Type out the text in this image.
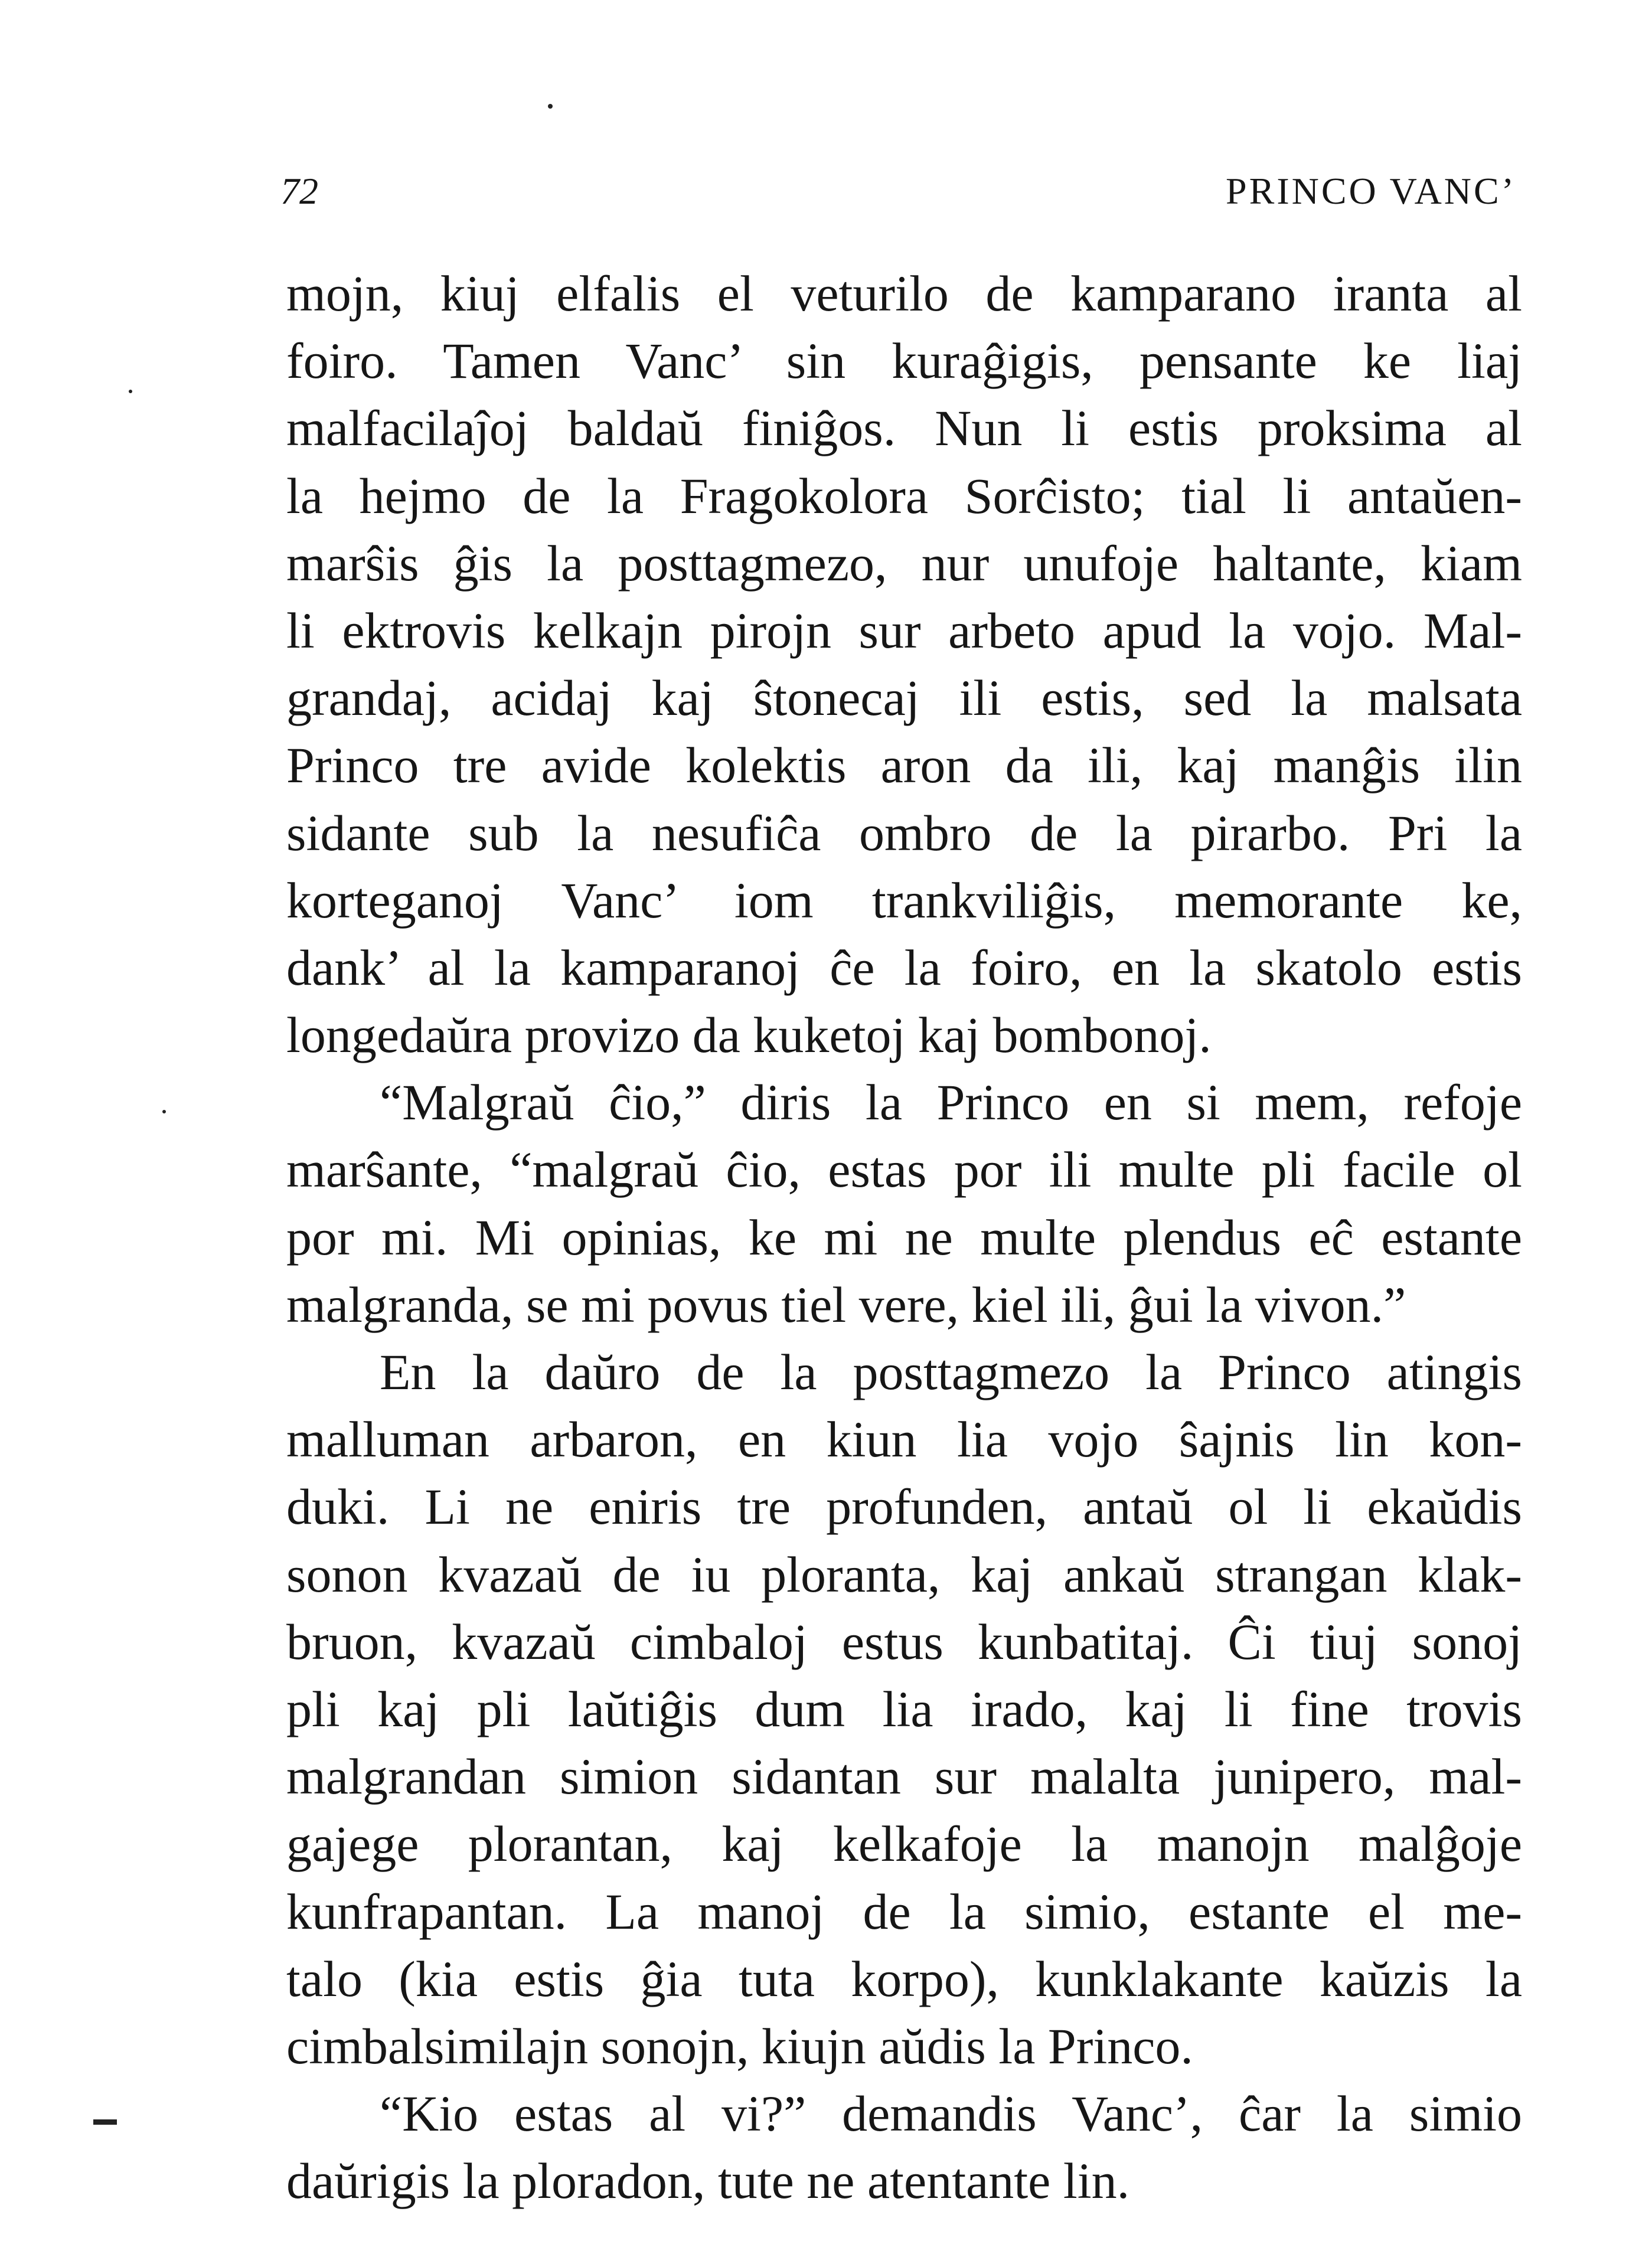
72	PRINCO VANC’
mojn, kiuj elfalis el veturilo de kamparano iranta al
foiro. Tamen Vanc’ sin kuraĝigis, pensante ke liaj
malfacilaĵoj baldaŭ finiĝos. Nun li estis proksima al
la hejmo de la Fragokolora Sorĉisto; tial li antaŭen-
marŝis ĝis la posttagmezo, nur unufoje haltante, kiam
li ektrovis kelkajn pirojn sur arbeto apud la vojo. Mal-
grandaj, acidaj kaj ŝtonecaj ili estis, sed la malsata
Princo tre avide kolektis aron da ili, kaj manĝis ilin
sidante sub la nesufiĉa ombro de la pirarbo. Pri la
korteganoj Vanc’ iom trankviliĝis, memorante ke,
dank’ al la kamparanoj ĉe la foiro, en la skatolo estis
longedaŭra provizo da kuketoj kaj bombonoj.
“Malgraŭ ĉio,” diris la Princo en si mem, refoje
marŝante, “malgraŭ ĉio, estas por ili multe pli facile ol
por mi. Mi opinias, ke mi ne multe plendus eĉ estante
malgranda, se mi povus tiel vere, kiel ili, ĝui la vivon.”
En la daŭro de la posttagmezo la Princo atingis
malluman arbaron, en kiun lia vojo ŝajnis lin kon-
duki. Li ne eniris tre profunden, antaŭ ol li ekaŭdis
sonon kvazaŭ de iu ploranta, kaj ankaŭ strangan klak-
bruon, kvazaŭ cimbaloj estus kunbatitaj. Ĉi tiuj sonoj
pli kaj pli laŭtiĝis dum lia irado, kaj li fine trovis
malgrandan simion sidantan sur malalta junipero, mal-
gajege plorantan, kaj kelkafoje la manojn malĝoje
kunfrapantan. La manoj de la simio, estante el me-
talo (kia estis ĝia tuta korpo), kunklakante kaŭzis la
cimbalsimilajn sonojn, kiujn aŭdis la Princo.
“Kio estas al vi?” demandis Vanc’, ĉar la simio
daŭrigis la ploradon, tute ne atentante lin.
